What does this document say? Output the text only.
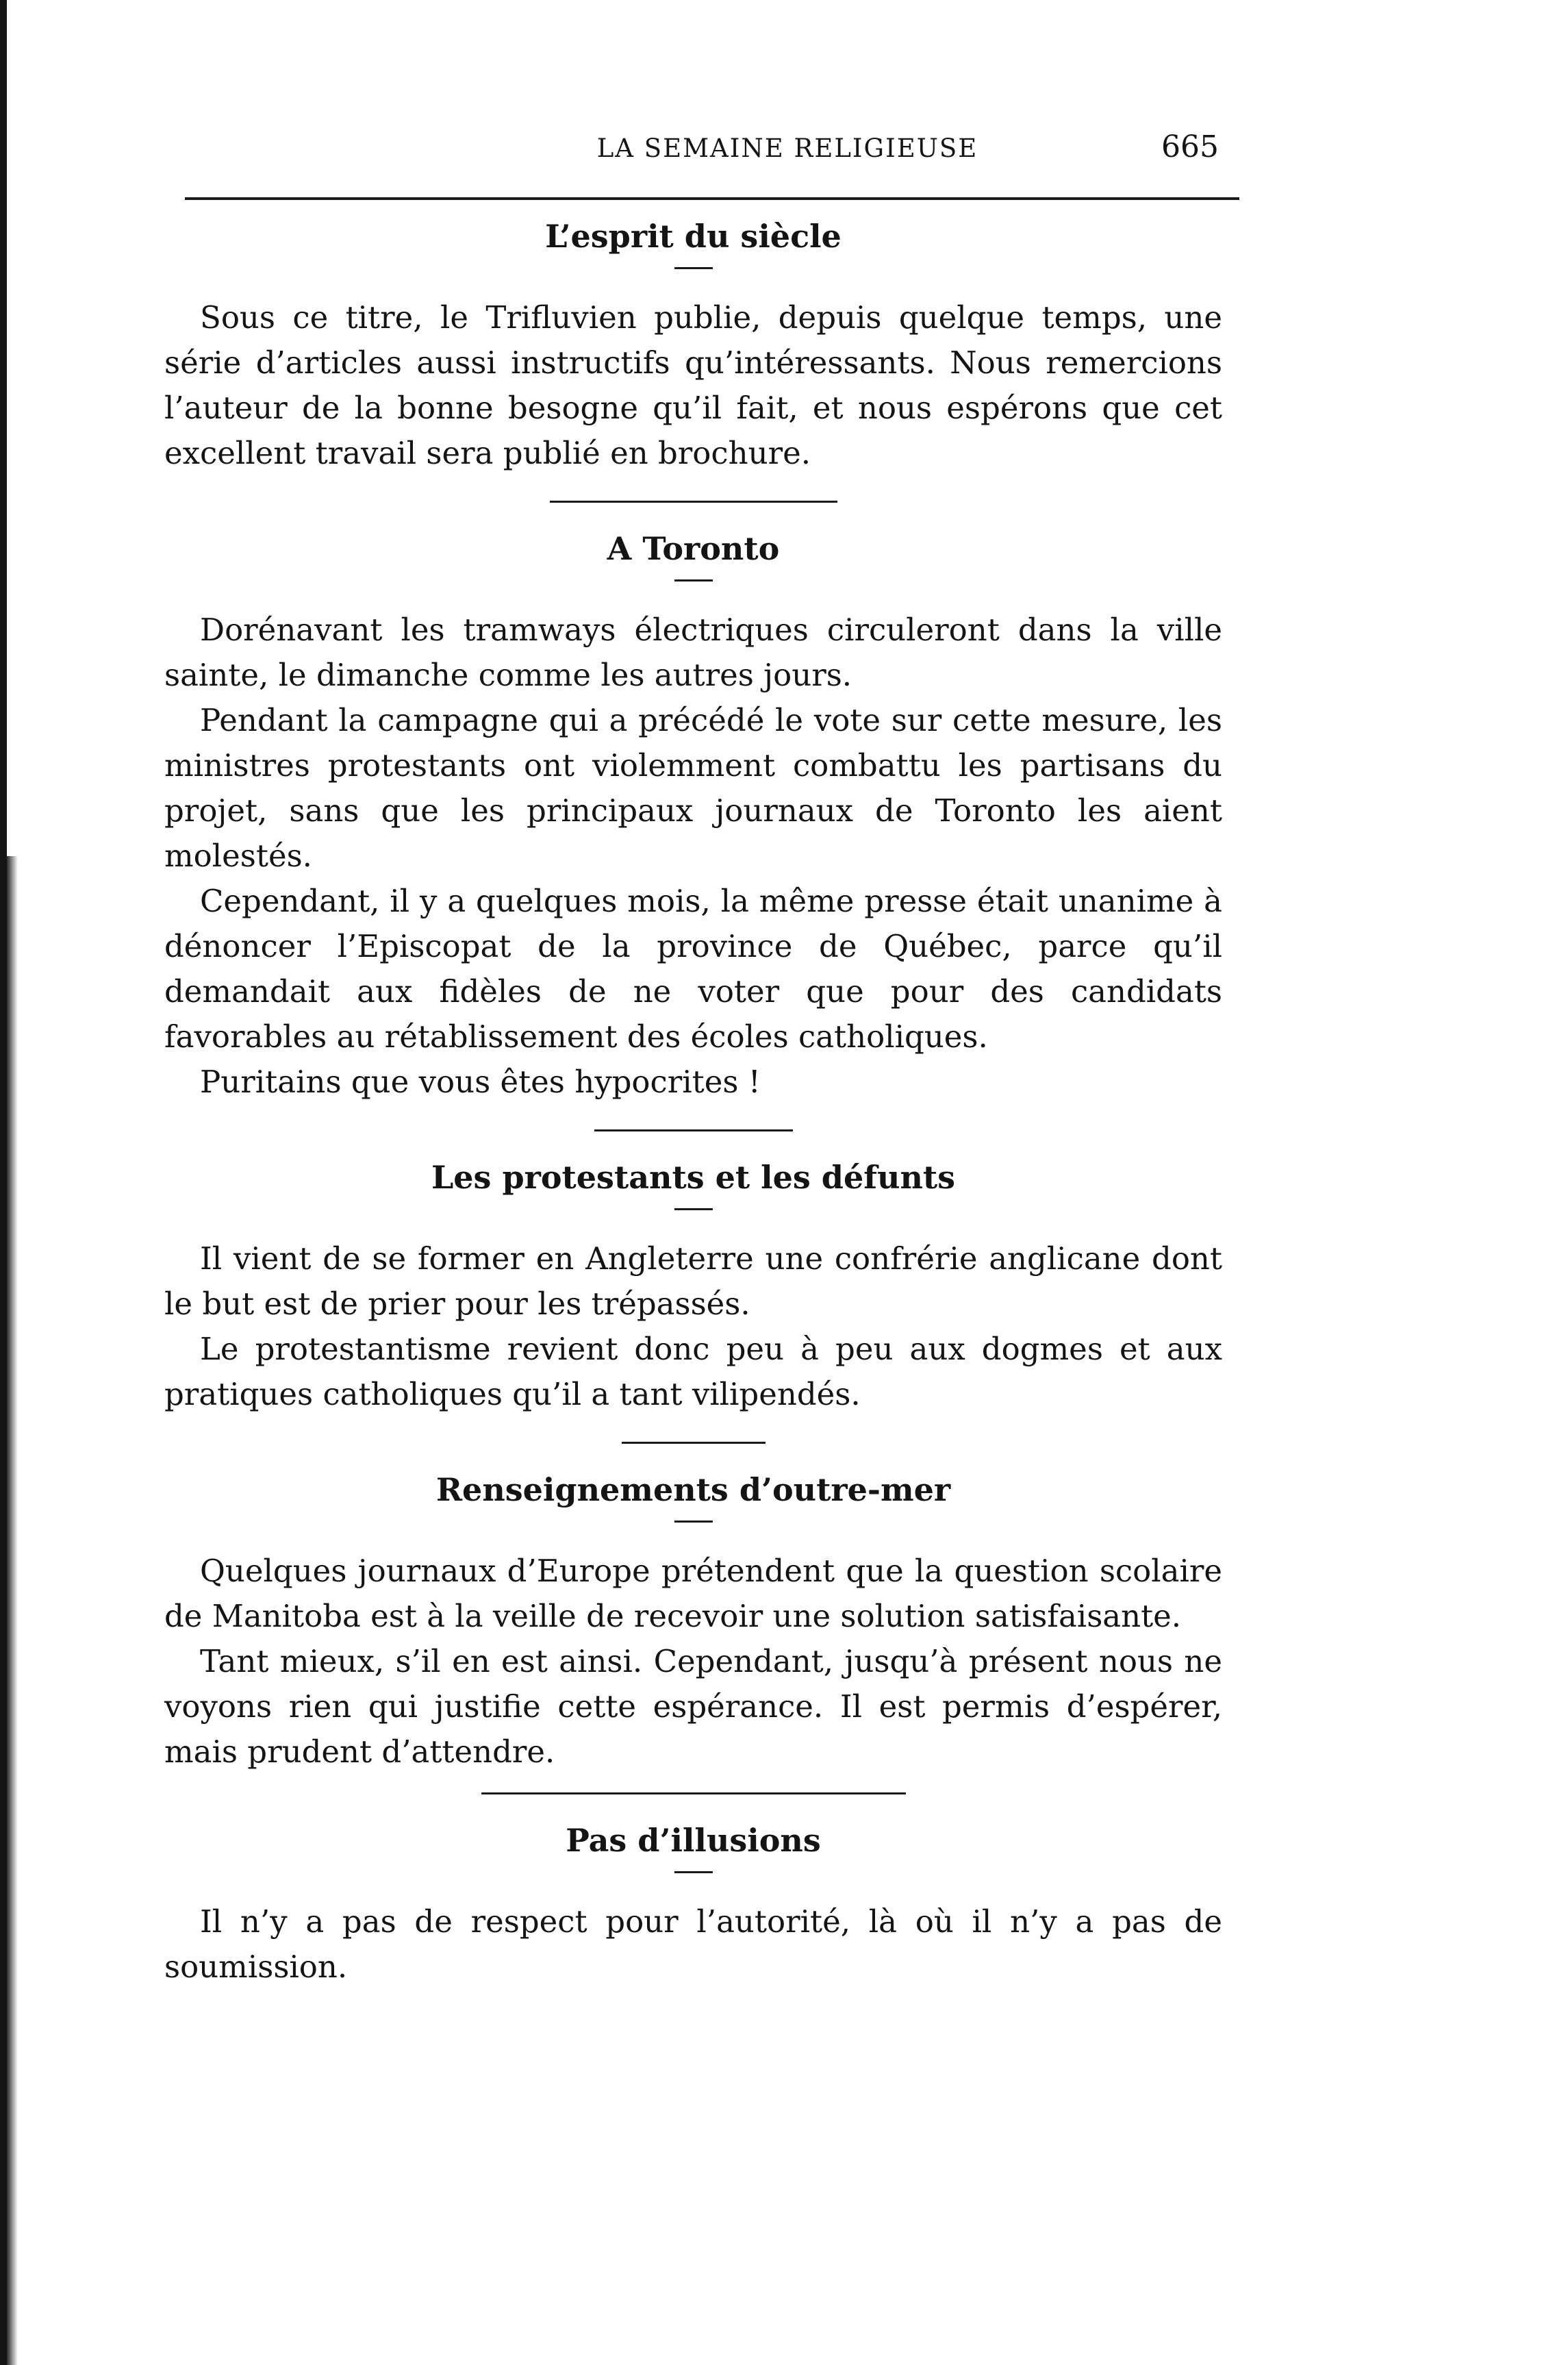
LA SEMAINE RELIGIEUSE	665
L’esprit du siècle

Sous ce titre, le Trifluvien publie, depuis quelque temps, une série d’articles aussi instructifs qu’intéressants. Nous remercions l’auteur de la bonne besogne qu’il fait, et nous espérons que cet excellent travail sera publié en brochure.

A Toronto

Dorénavant les tramways électriques circuleront dans la ville sainte, le dimanche comme les autres jours.

Pendant la campagne qui a précédé le vote sur cette mesure, les ministres protestants ont violemment combattu les partisans du projet, sans que les principaux journaux de Toronto les aient molestés.

Cependant, il y a quelques mois, la même presse était unanime à dénoncer l’Episcopat de la province de Québec, parce qu’il demandait aux fidèles de ne voter que pour des candidats favorables au rétablissement des écoles catholiques.

Puritains que vous êtes hypocrites !

Les protestants et les défunts

Il vient de se former en Angleterre une confrérie anglicane dont le but est de prier pour les trépassés.

Le protestantisme revient donc peu à peu aux dogmes et aux pratiques catholiques qu’il a tant vilipendés.

Renseignements d’outre-mer

Quelques journaux d’Europe prétendent que la question scolaire de Manitoba est à la veille de recevoir une solution satisfaisante.

Tant mieux, s’il en est ainsi. Cependant, jusqu’à présent nous ne voyons rien qui justifie cette espérance. Il est permis d’espérer, mais prudent d’attendre.

Pas d’illusions

Il n’y a pas de respect pour l’autorité, là où il n’y a pas de soumission.
